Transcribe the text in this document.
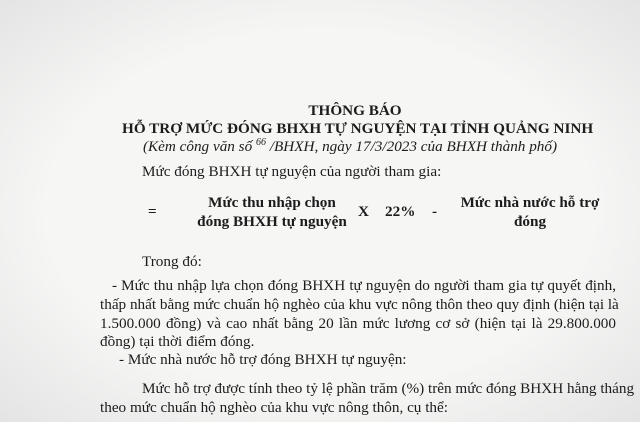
THÔNG BÁO
HỖ TRỢ MỨC ĐÓNG BHXH TỰ NGUYỆN TẠI TỈNH QUẢNG NINH
(Kèm công văn số $^{66}$ /BHXH, ngày 17/3/2023 của BHXH thành phố)
Mức đóng BHXH tự nguyện của người tham gia:
=
Mức thu nhập chọn
đóng BHXH tự nguyện
X 22% -
Mức nhà nước hỗ trợ
đóng
Trong đó:
- Mức thu nhập lựa chọn đóng BHXH tự nguyện do người tham gia tự quyết định,
thấp nhất bằng mức chuẩn hộ nghèo của khu vực nông thôn theo quy định (hiện tại là
1.500.000 đồng) và cao nhất bằng 20 lần mức lương cơ sở (hiện tại là 29.800.000
đồng) tại thời điểm đóng.
- Mức nhà nước hỗ trợ đóng BHXH tự nguyện:
Mức hỗ trợ được tính theo tỷ lệ phần trăm (%) trên mức đóng BHXH hằng tháng
theo mức chuẩn hộ nghèo của khu vực nông thôn, cụ thể:
